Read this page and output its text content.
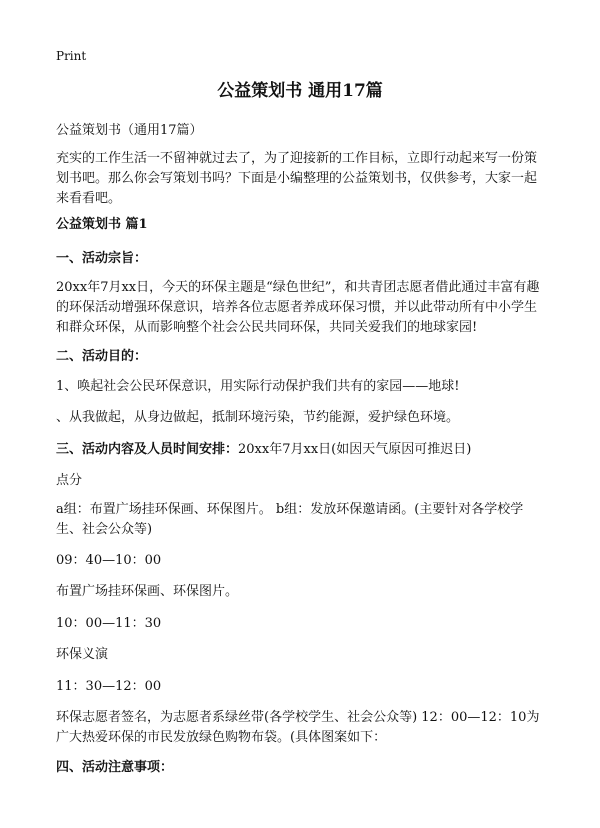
Print
公益策划书 通用17篇

公益策划书（通用17篇）

充实的工作生活一不留神就过去了，为了迎接新的工作目标，立即行动起来写一份策划书吧。那么你会写策划书吗？下面是小编整理的公益策划书，仅供参考，大家一起来看看吧。

公益策划书 篇1

一、活动宗旨：

20xx年7月xx日，今天的环保主题是“绿色世纪”，和共青团志愿者借此通过丰富有趣的环保活动增强环保意识，培养各位志愿者养成环保习惯，并以此带动所有中小学生和群众环保，从而影响整个社会公民共同环保，共同关爱我们的地球家园!

二、活动目的：

1、唤起社会公民环保意识，用实际行动保护我们共有的家园——地球!

、从我做起，从身边做起，抵制环境污染，节约能源，爱护绿色环境。

三、活动内容及人员时间安排：20xx年7月xx日(如因天气原因可推迟日)

点分

a组：布置广场挂环保画、环保图片。 b组：发放环保邀请函。(主要针对各学校学生、社会公众等)

09：40—10：00

布置广场挂环保画、环保图片。

10：00—11：30

环保义演

11：30—12：00

环保志愿者签名，为志愿者系绿丝带(各学校学生、社会公众等) 12：00—12：10为广大热爱环保的市民发放绿色购物布袋。(具体图案如下：

四、活动注意事项：
